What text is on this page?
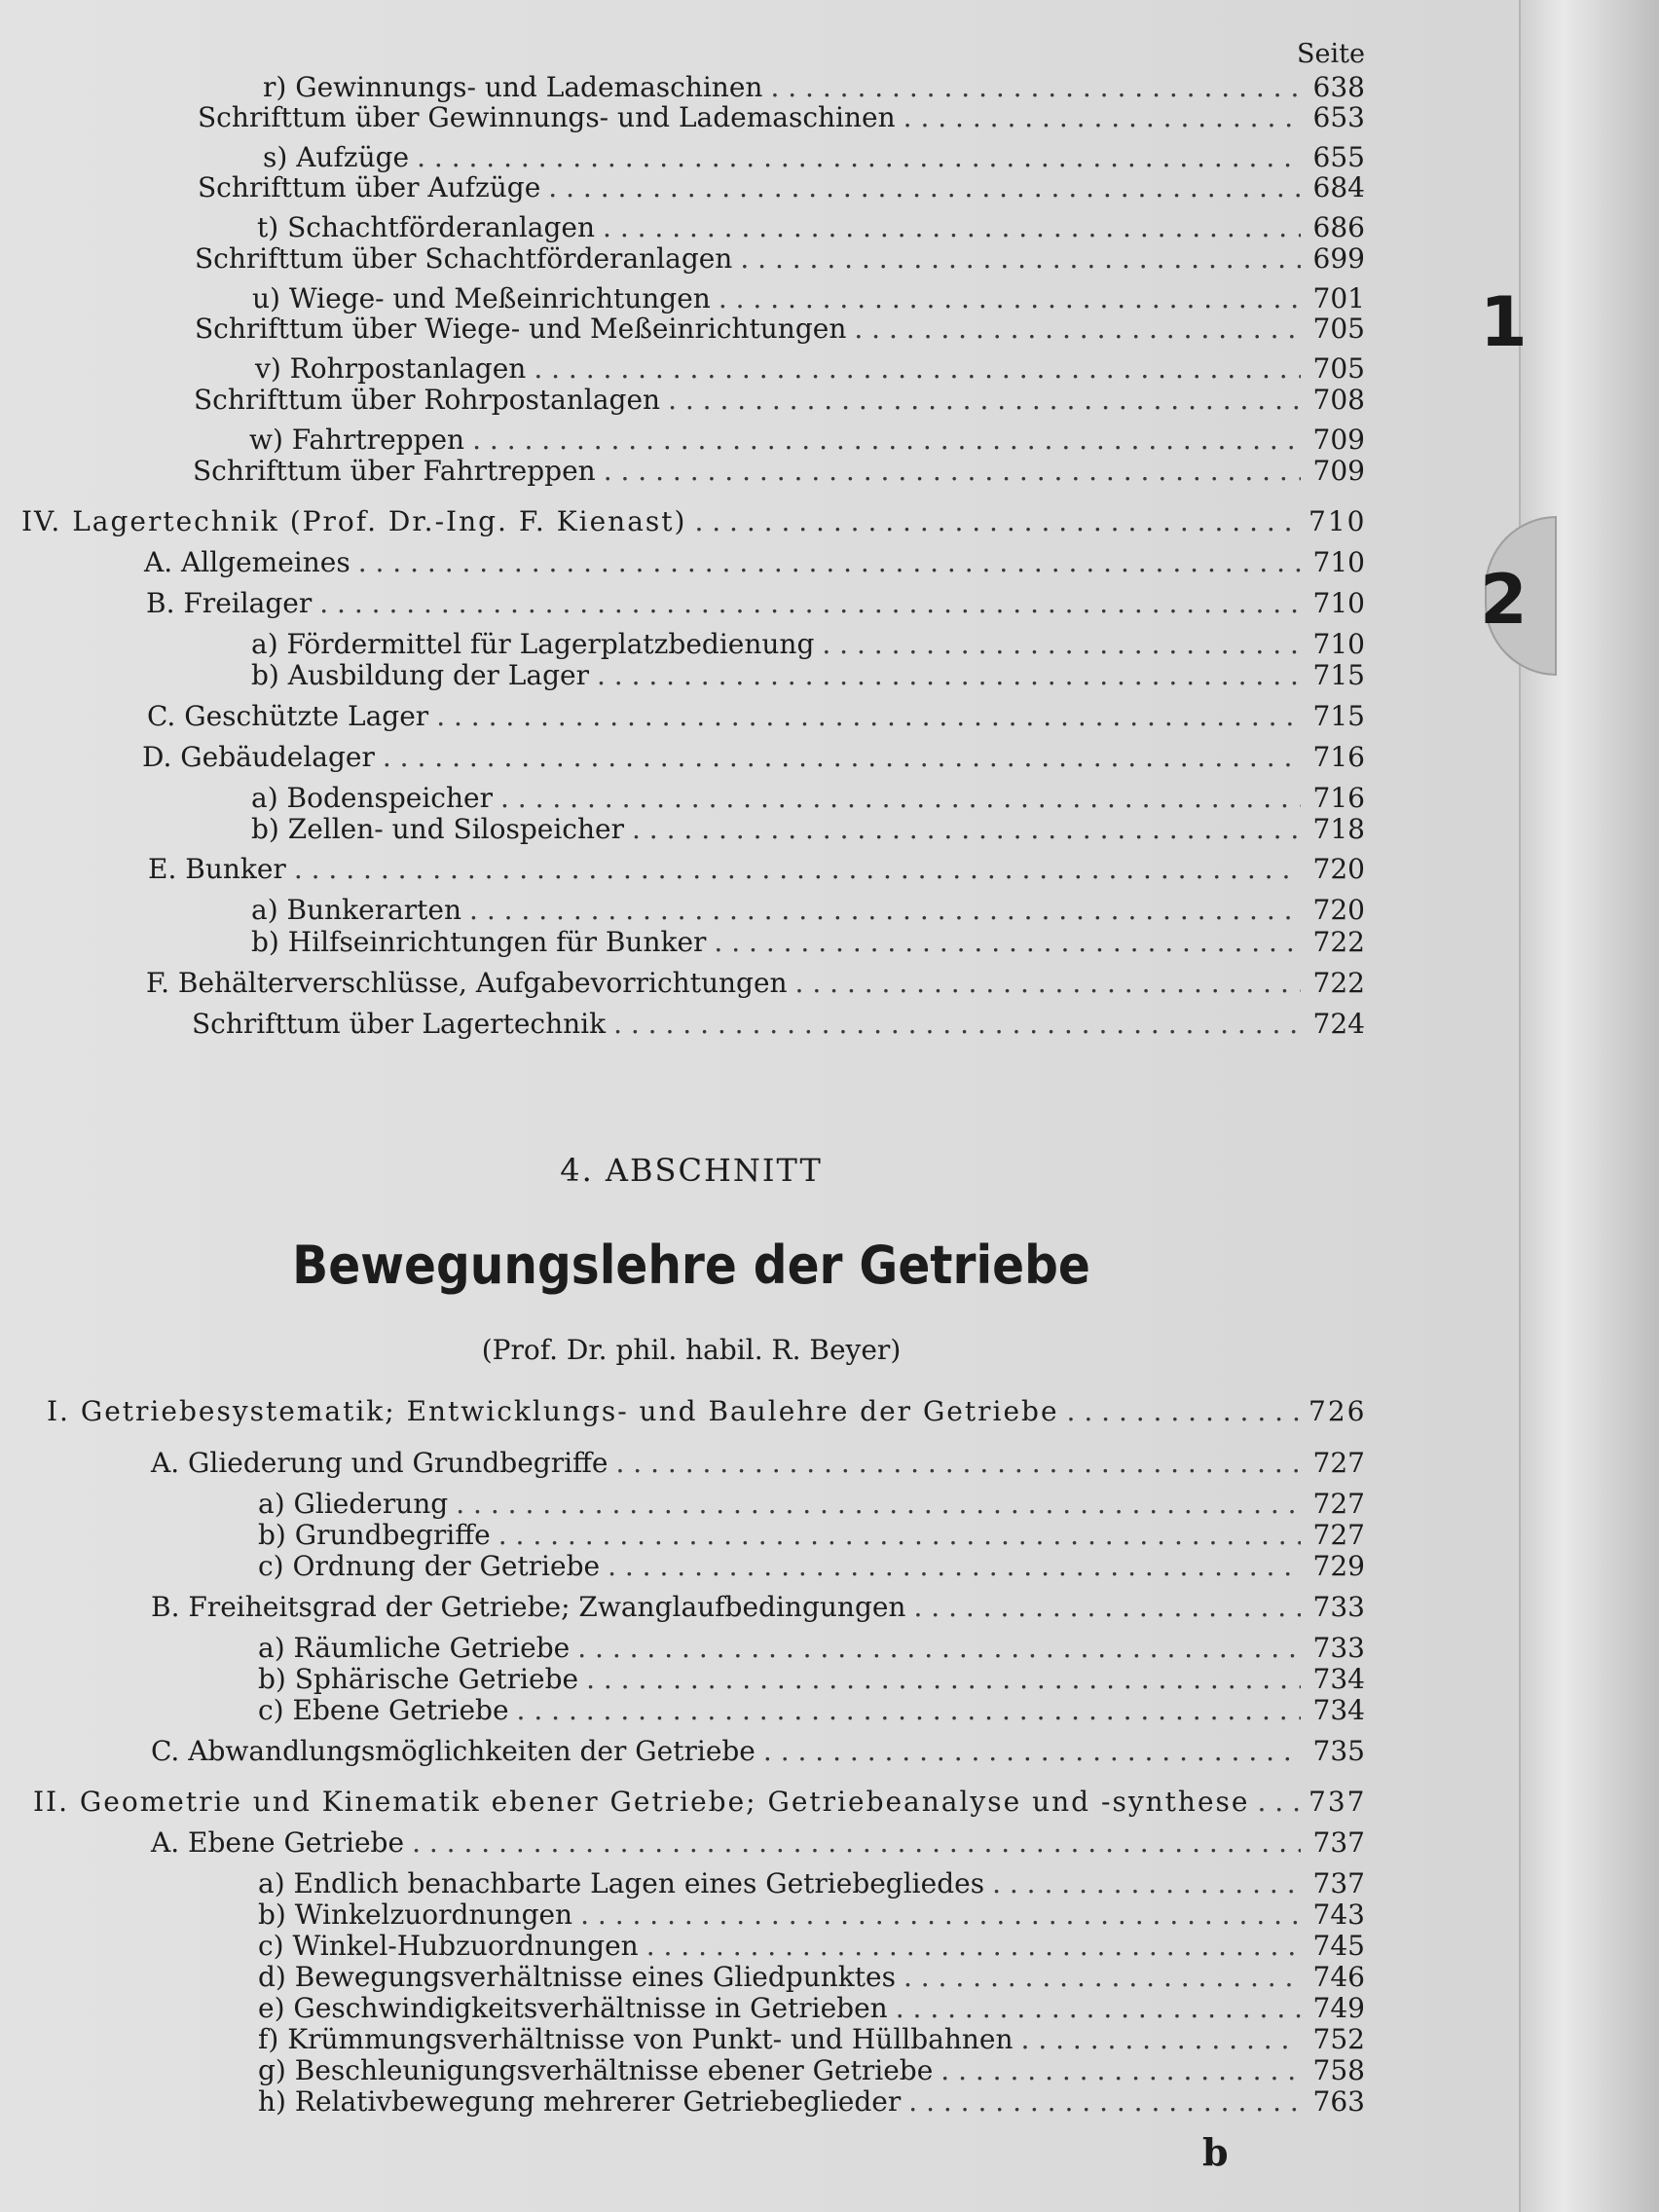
1
2
Seite
r) Gewinnungs- und Lademaschinen . . .	638
Schrifttum über Gewinnungs- und Lademaschinen . . .	653
s) Aufzüge . . .	655
Schrifttum über Aufzüge . . .	684
t) Schachtförderanlagen . . .	686
Schrifttum über Schachtförderanlagen . . .	699
u) Wiege- und Meßeinrichtungen . . .	701
Schrifttum über Wiege- und Meßeinrichtungen . . .	705
v) Rohrpostanlagen . . .	705
Schrifttum über Rohrpostanlagen . . .	708
w) Fahrtreppen . . .	709
Schrifttum über Fahrtreppen . . .	709
IV. Lagertechnik (Prof. Dr.-Ing. F. Kienast) . . .	710
A. Allgemeines . . .	710
B. Freilager . . .	710
a) Fördermittel für Lagerplatzbedienung . . .	710
b) Ausbildung der Lager . . .	715
C. Geschützte Lager . . .	715
D. Gebäudelager . . .	716
a) Bodenspeicher . . .	716
b) Zellen- und Silospeicher . . .	718
E. Bunker . . .	720
a) Bunkerarten . . .	720
b) Hilfseinrichtungen für Bunker . . .	722
F. Behälterverschlüsse, Aufgabevorrichtungen . . .	722
Schrifttum über Lagertechnik . . .	724
4. ABSCHNITT
Bewegungslehre der Getriebe
(Prof. Dr. phil. habil. R. Beyer)
I. Getriebesystematik; Entwicklungs- und Baulehre der Getriebe . . .	726
A. Gliederung und Grundbegriffe . . .	727
a) Gliederung . . .	727
b) Grundbegriffe . . .	727
c) Ordnung der Getriebe . . .	729
B. Freiheitsgrad der Getriebe; Zwanglaufbedingungen . . .	733
a) Räumliche Getriebe . . .	733
b) Sphärische Getriebe . . .	734
c) Ebene Getriebe . . .	734
C. Abwandlungsmöglichkeiten der Getriebe . . .	735
II. Geometrie und Kinematik ebener Getriebe; Getriebeanalyse und -synthese . . . 737
A. Ebene Getriebe . . .	737
a) Endlich benachbarte Lagen eines Getriebegliedes . . .	737
b) Winkelzuordnungen . . .	743
c) Winkel-Hubzuordnungen . . .	745
d) Bewegungsverhältnisse eines Gliedpunktes . . .	746
e) Geschwindigkeitsverhältnisse in Getrieben . . .	749
f) Krümmungsverhältnisse von Punkt- und Hüllbahnen . . .	752
g) Beschleunigungsverhältnisse ebener Getriebe . . .	758
h) Relativbewegung mehrerer Getriebeglieder . . .	763
b
